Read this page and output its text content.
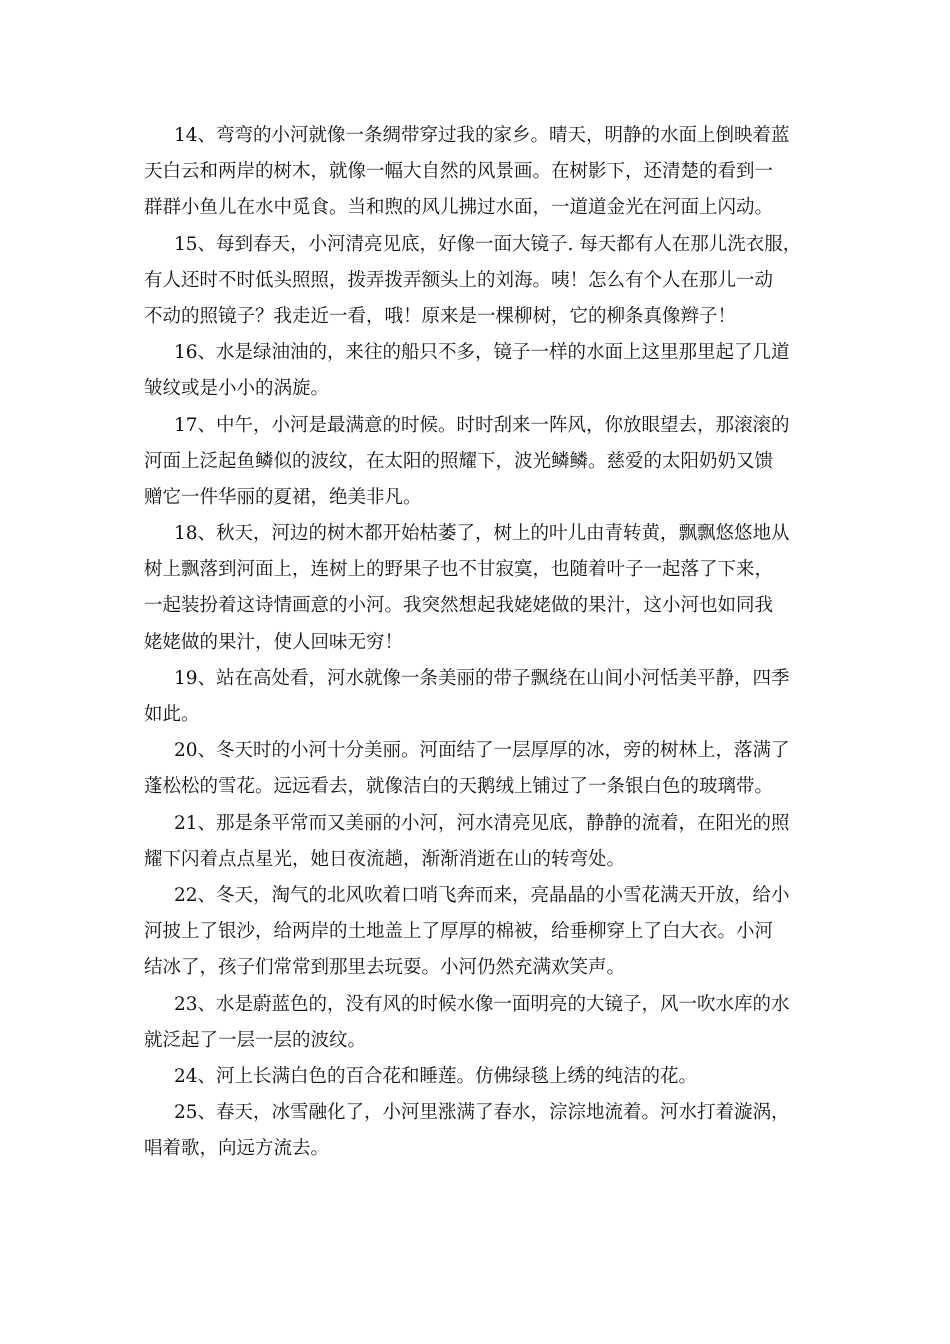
14、弯弯的小河就像一条绸带穿过我的家乡。晴天，明静的水面上倒映着蓝
天白云和两岸的树木，就像一幅大自然的风景画。在树影下，还清楚的看到一
群群小鱼儿在水中觅食。当和煦的风儿拂过水面，一道道金光在河面上闪动。
15、每到春天，小河清亮见底，好像一面大镜子. 每天都有人在那儿洗衣服，
有人还时不时低头照照，拨弄拨弄额头上的刘海。咦！怎么有个人在那儿一动
不动的照镜子？我走近一看，哦！原来是一棵柳树，它的柳条真像辫子！
16、水是绿油油的，来往的船只不多，镜子一样的水面上这里那里起了几道
皱纹或是小小的涡旋。
17、中午，小河是最满意的时候。时时刮来一阵风，你放眼望去，那滚滚的
河面上泛起鱼鳞似的波纹，在太阳的照耀下，波光鳞鳞。慈爱的太阳奶奶又馈
赠它一件华丽的夏裙，绝美非凡。
18、秋天，河边的树木都开始枯萎了，树上的叶儿由青转黄，飘飘悠悠地从
树上飘落到河面上，连树上的野果子也不甘寂寞，也随着叶子一起落了下来，
一起装扮着这诗情画意的小河。我突然想起我姥姥做的果汁，这小河也如同我
姥姥做的果汁，使人回味无穷！
19、站在高处看，河水就像一条美丽的带子飘绕在山间小河恬美平静，四季
如此。
20、冬天时的小河十分美丽。河面结了一层厚厚的冰，旁的树林上，落满了
蓬松松的雪花。远远看去，就像洁白的天鹅绒上铺过了一条银白色的玻璃带。
21、那是条平常而又美丽的小河，河水清亮见底，静静的流着，在阳光的照
耀下闪着点点星光，她日夜流趟，渐渐消逝在山的转弯处。
22、冬天，淘气的北风吹着口哨飞奔而来，亮晶晶的小雪花满天开放，给小
河披上了银沙，给两岸的土地盖上了厚厚的棉被，给垂柳穿上了白大衣。小河
结冰了，孩子们常常到那里去玩耍。小河仍然充满欢笑声。
23、水是蔚蓝色的，没有风的时候水像一面明亮的大镜子，风一吹水库的水
就泛起了一层一层的波纹。
24、河上长满白色的百合花和睡莲。仿佛绿毯上绣的纯洁的花。
25、春天，冰雪融化了，小河里涨满了春水，淙淙地流着。河水打着漩涡，
唱着歌，向远方流去。
